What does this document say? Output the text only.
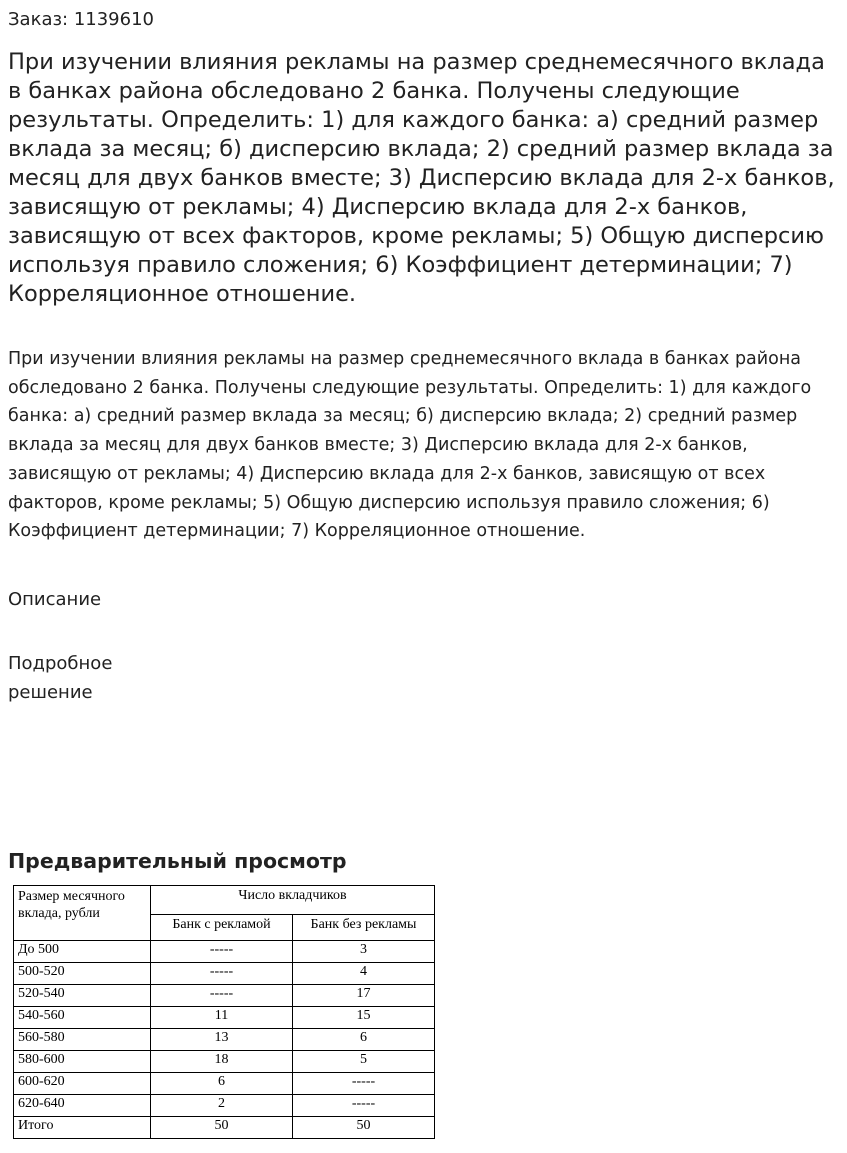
Заказ: 1139610
При изучении влияния рекламы на размер среднемесячного вклада в банках района обследовано 2 банка. Получены следующие результаты. Определить: 1) для каждого банка: а) средний размер вклада за месяц; б) дисперсию вклада; 2) средний размер вклада за месяц для двух банков вместе; 3) Дисперсию вклада для 2-х банков, зависящую от рекламы; 4) Дисперсию вклада для 2-х банков, зависящую от всех факторов, кроме рекламы; 5) Общую дисперсию используя правило сложения; 6) Коэффициент детерминации; 7) Корреляционное отношение.

При изучении влияния рекламы на размер среднемесячного вклада в банках района обследовано 2 банка. Получены следующие результаты. Определить: 1) для каждого банка: а) средний размер вклада за месяц; б) дисперсию вклада; 2) средний размер вклада за месяц для двух банков вместе; 3) Дисперсию вклада для 2-х банков, зависящую от рекламы; 4) Дисперсию вклада для 2-х банков, зависящую от всех факторов, кроме рекламы; 5) Общую дисперсию используя правило сложения; 6) Коэффициент детерминации; 7) Корреляционное отношение.

Описание
Подробное решение
Предварительный просмотр
Размер месячного вклада, рубли	Число вкладчиков	
	Банк с рекламой	Банк без рекламы
До 500	-----	3
500-520	-----	4
520-540	-----	17
540-560	11	15
560-580	13	6
580-600	18	5
600-620	6	-----
620-640	2	-----
Итого	50	50
